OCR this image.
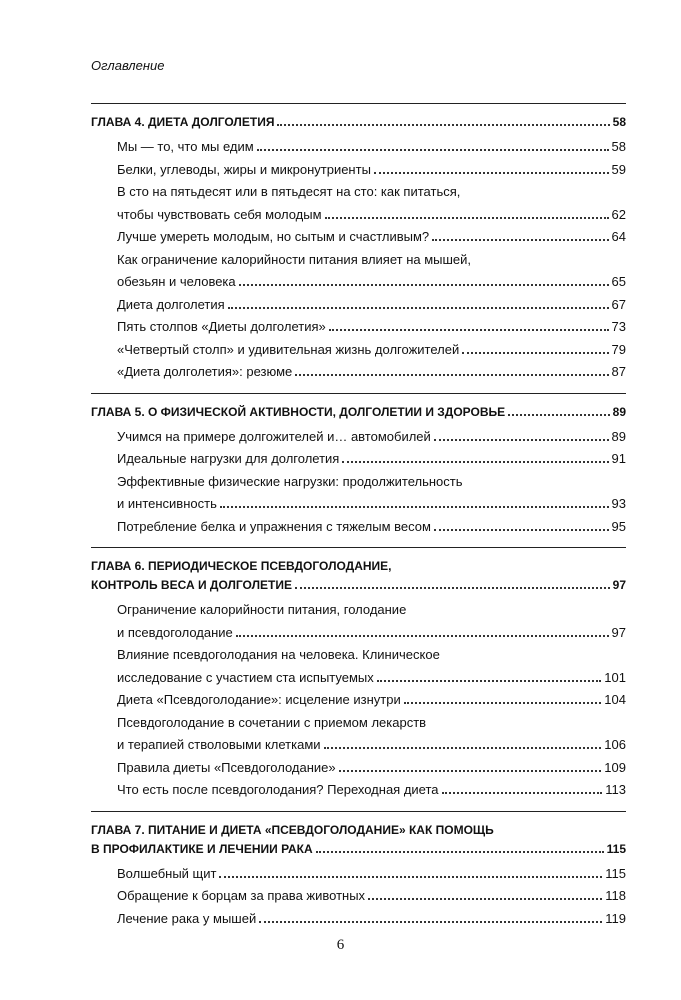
Оглавление
ГЛАВА 4. ДИЕТА ДОЛГОЛЕТИЯ	58
Мы — то, что мы едим	58
Белки, углеводы, жиры и микронутриенты	59
В сто на пятьдесят или в пятьдесят на сто: как питаться,
чтобы чувствовать себя молодым	62
Лучше умереть молодым, но сытым и счастливым?	64
Как ограничение калорийности питания влияет на мышей,
обезьян и человека	65
Диета долголетия	67
Пять столпов «Диеты долголетия»	73
«Четвертый столп» и удивительная жизнь долгожителей	79
«Диета долголетия»: резюме	87
ГЛАВА 5. О ФИЗИЧЕСКОЙ АКТИВНОСТИ, ДОЛГОЛЕТИИ И ЗДОРОВЬЕ	89
Учимся на примере долгожителей и… автомобилей	89
Идеальные нагрузки для долголетия	91
Эффективные физические нагрузки: продолжительность
и интенсивность	93
Потребление белка и упражнения с тяжелым весом	95
ГЛАВА 6. ПЕРИОДИЧЕСКОЕ ПСЕВДОГОЛОДАНИЕ,
КОНТРОЛЬ ВЕСА И ДОЛГОЛЕТИЕ	97
Ограничение калорийности питания, голодание
и псевдоголодание	97
Влияние псевдоголодания на человека. Клиническое
исследование с участием ста испытуемых	101
Диета «Псевдоголодание»: исцеление изнутри	104
Псевдоголодание в сочетании с приемом лекарств
и терапией стволовыми клетками	106
Правила диеты «Псевдоголодание»	109
Что есть после псевдоголодания? Переходная диета	113
ГЛАВА 7. ПИТАНИЕ И ДИЕТА «ПСЕВДОГОЛОДАНИЕ» КАК ПОМОЩЬ
В ПРОФИЛАКТИКЕ И ЛЕЧЕНИИ РАКА	115
Волшебный щит	115
Обращение к борцам за права животных	118
Лечение рака у мышей	119
6
